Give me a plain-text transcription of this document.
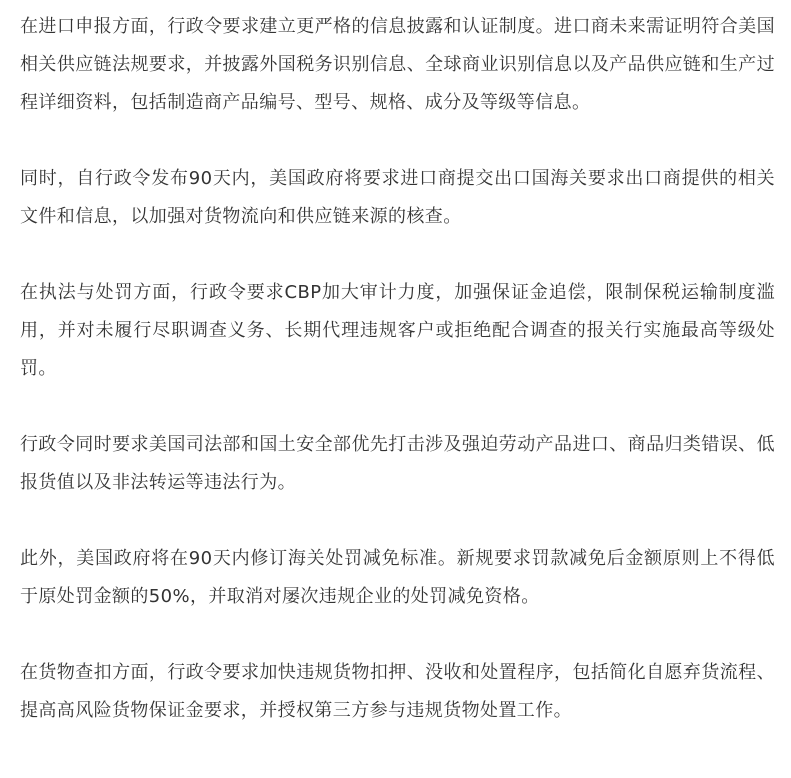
在进口申报方面，行政令要求建立更严格的信息披露和认证制度。进口商未来需证明符合美国相关供应链法规要求，并披露外国税务识别信息、全球商业识别信息以及产品供应链和生产过程详细资料，包括制造商产品编号、型号、规格、成分及等级等信息。

同时，自行政令发布90天内，美国政府将要求进口商提交出口国海关要求出口商提供的相关文件和信息，以加强对货物流向和供应链来源的核查。

在执法与处罚方面，行政令要求CBP加大审计力度，加强保证金追偿，限制保税运输制度滥用，并对未履行尽职调查义务、长期代理违规客户或拒绝配合调查的报关行实施最高等级处罚。

行政令同时要求美国司法部和国土安全部优先打击涉及强迫劳动产品进口、商品归类错误、低报货值以及非法转运等违法行为。

此外，美国政府将在90天内修订海关处罚减免标准。新规要求罚款减免后金额原则上不得低于原处罚金额的50%，并取消对屡次违规企业的处罚减免资格。

在货物查扣方面，行政令要求加快违规货物扣押、没收和处置程序，包括简化自愿弃货流程、提高高风险货物保证金要求，并授权第三方参与违规货物处置工作。
